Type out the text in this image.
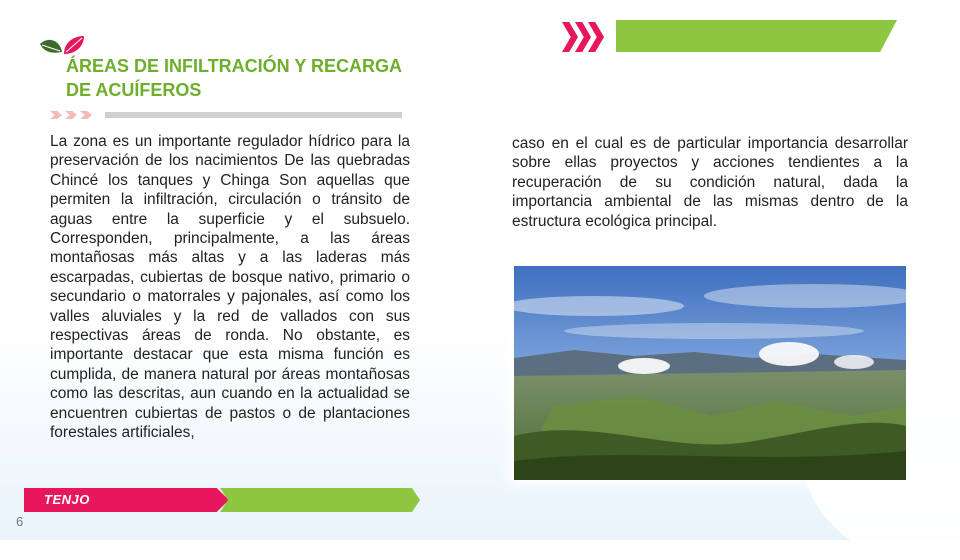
ÁREAS DE INFILTRACIÓN Y RECARGA
DE ACUÍFEROS
La zona es un importante regulador hídrico para la preservación de los nacimientos De las quebradas Chincé los tanques y Chinga Son aquellas que permiten la infiltración, circulación o tránsito de aguas entre la superficie y el subsuelo. Corresponden, principalmente, a las áreas montañosas más altas y a las laderas más escarpadas, cubiertas de bosque nativo, primario o secundario o matorrales y pajonales, así como los valles aluviales y la red de vallados con sus respectivas áreas de ronda. No obstante, es importante destacar que esta misma función es cumplida, de manera natural por áreas montañosas como las descritas, aun cuando en la actualidad se encuentren cubiertas de pastos o de plantaciones forestales artificiales,
caso en el cual es de particular importancia desarrollar sobre ellas proyectos y acciones tendientes a la recuperación de su condición natural, dada la importancia ambiental de las mismas dentro de la estructura ecológica principal.
TENJO
6
